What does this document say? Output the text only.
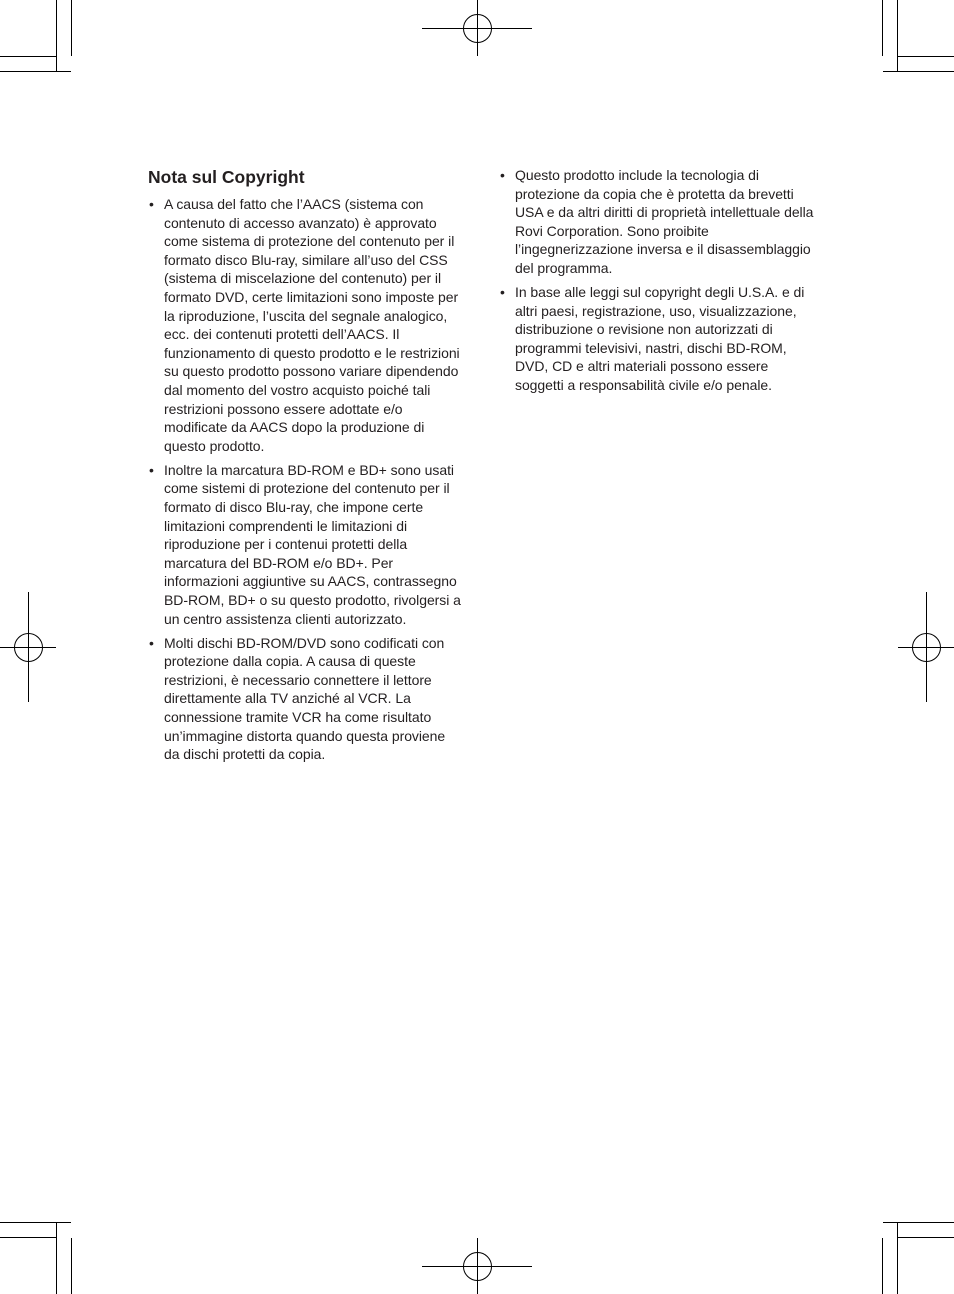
Nota sul Copyright
• A causa del fatto che l’AACS (sistema con contenuto di accesso avanzato) è approvato come sistema di protezione del contenuto per il formato disco Blu-ray, similare all’uso del CSS (sistema di miscelazione del contenuto) per il formato DVD, certe limitazioni sono imposte per la riproduzione, l’uscita del segnale analogico, ecc. dei contenuti protetti dell’AACS. Il funzionamento di questo prodotto e le restrizioni su questo prodotto possono variare dipendendo dal momento del vostro acquisto poiché tali restrizioni possono essere adottate e/o modificate da AACS dopo la produzione di questo prodotto.
• Inoltre la marcatura BD-ROM e BD+ sono usati come sistemi di protezione del contenuto per il formato di disco Blu-ray, che impone certe limitazioni comprendenti le limitazioni di riproduzione per i contenui protetti della marcatura del BD-ROM e/o BD+. Per informazioni aggiuntive su AACS, contrassegno BD-ROM, BD+ o su questo prodotto, rivolgersi a un centro assistenza clienti autorizzato.
• Molti dischi BD-ROM/DVD sono codificati con protezione dalla copia. A causa di queste restrizioni, è necessario connettere il lettore direttamente alla TV anziché al VCR. La connessione tramite VCR ha come risultato un’immagine distorta quando questa proviene da dischi protetti da copia.
• Questo prodotto include la tecnologia di protezione da copia che è protetta da brevetti USA e da altri diritti di proprietà intellettuale della Rovi Corporation. Sono proibite l’ingegnerizzazione inversa e il disassemblaggio del programma.
• In base alle leggi sul copyright degli U.S.A. e di altri paesi, registrazione, uso, visualizzazione, distribuzione o revisione non autorizzati di programmi televisivi, nastri, dischi BD-ROM, DVD, CD e altri materiali possono essere soggetti a responsabilità civile e/o penale.
